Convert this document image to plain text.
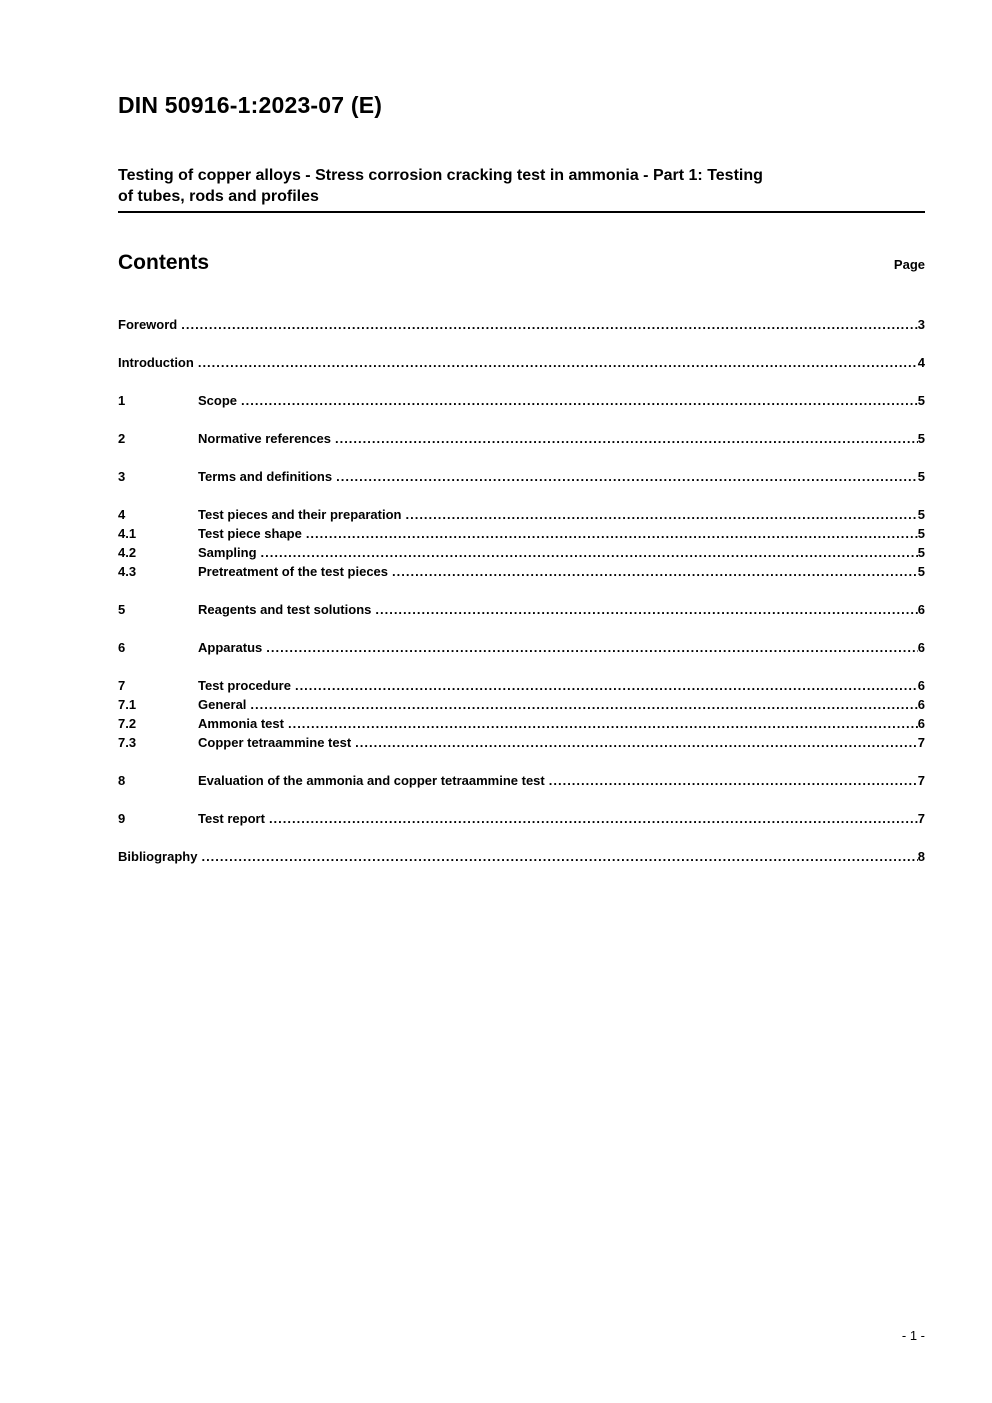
DIN 50916-1:2023-07 (E)
Testing of copper alloys - Stress corrosion cracking test in ammonia - Part 1: Testing
of tubes, rods and profiles
Contents	Page
Foreword .....	3
Introduction .....	4
1	Scope .....	5
2	Normative references .....	5
3	Terms and definitions .....	5
4	Test pieces and their preparation .....	5
4.1	Test piece shape .....	5
4.2	Sampling .....	5
4.3	Pretreatment of the test pieces .....	5
5	Reagents and test solutions .....	6
6	Apparatus .....	6
7	Test procedure .....	6
7.1	General .....	6
7.2	Ammonia test .....	6
7.3	Copper tetraammine test .....	7
8	Evaluation of the ammonia and copper tetraammine test .....	7
9	Test report .....	7
Bibliography .....	8
- 1 -
